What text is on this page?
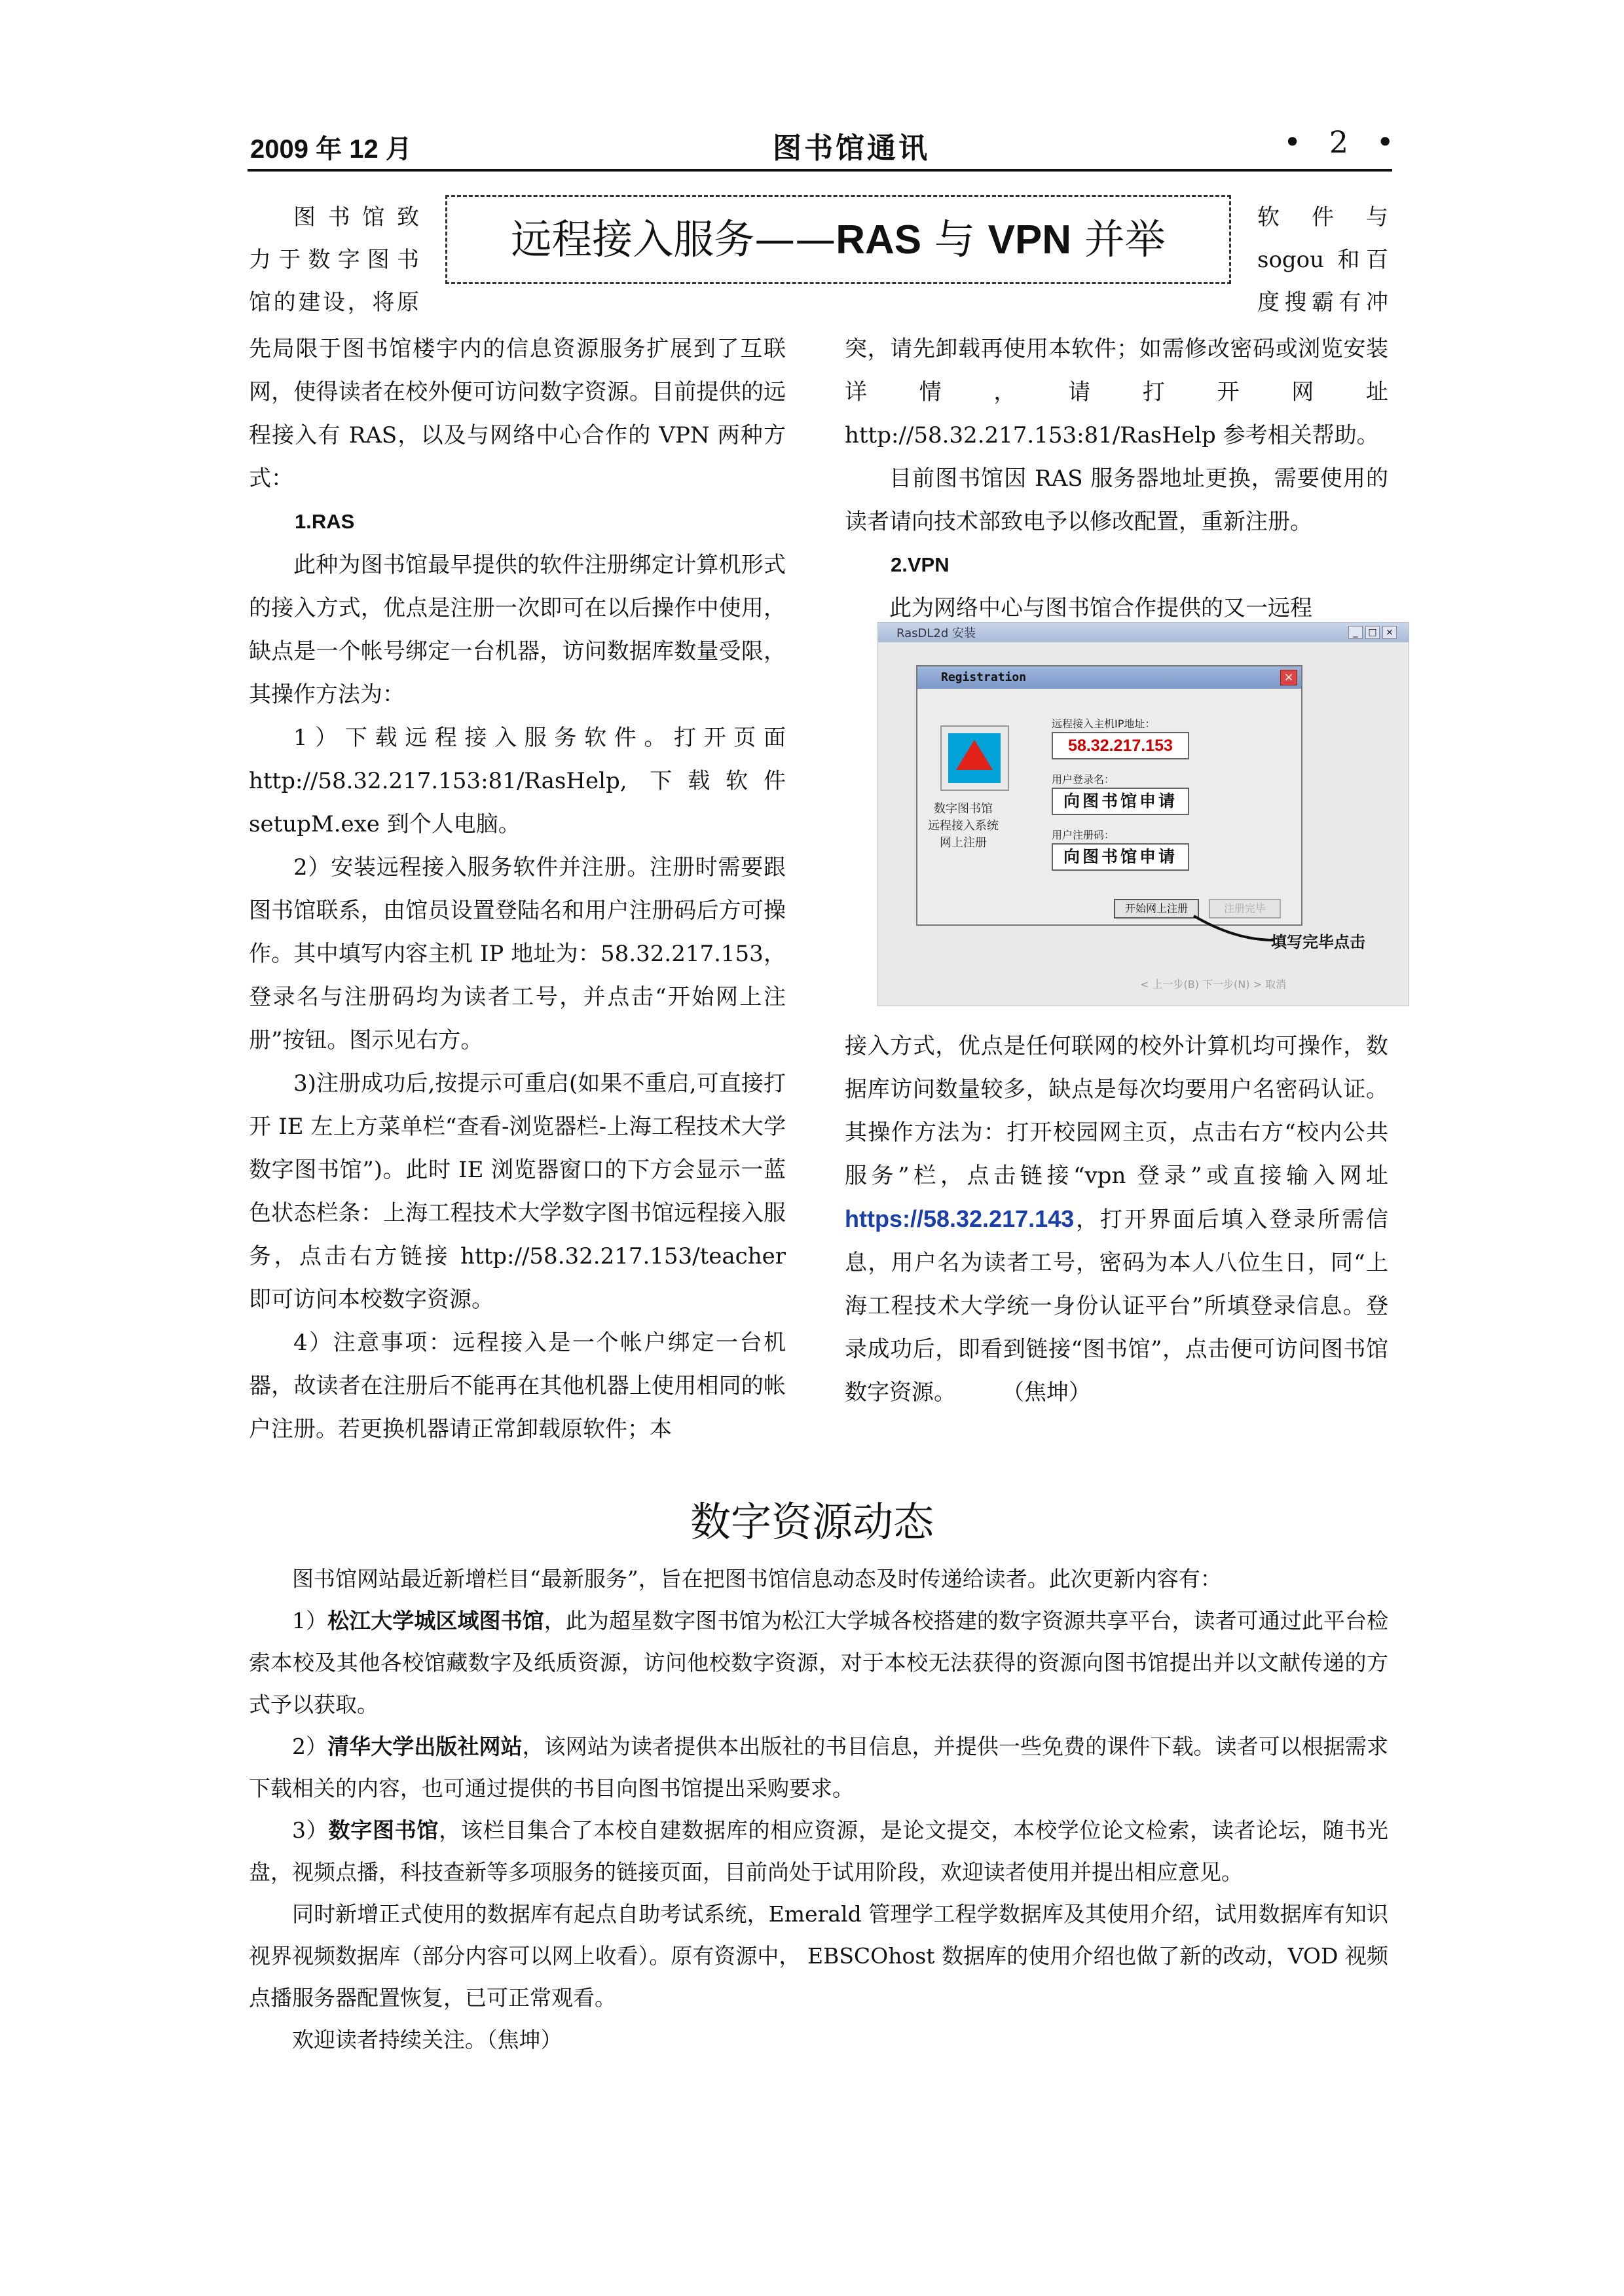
2009 年 12 月	图书馆通讯	• 2 •
远程接入服务——RAS 与 VPN 并举
图书馆致
力于数字图书
馆的建设，将原
软件与
sogou 和百
度搜霸有冲

先局限于图书馆楼宇内的信息资源服务扩展到了互联网，使得读者在校外便可访问数字资源。目前提供的远程接入有 RAS，以及与网络中心合作的 VPN 两种方式：

1.RAS

此种为图书馆最早提供的软件注册绑定计算机形式的接入方式，优点是注册一次即可在以后操作中使用，缺点是一个帐号绑定一台机器，访问数据库数量受限，其操作方法为：

1）下载远程接入服务软件。打开页面 http://58.32.217.153:81/RasHelp, 下载软件 setupM.exe 到个人电脑。

2）安装远程接入服务软件并注册。注册时需要跟图书馆联系，由馆员设置登陆名和用户注册码后方可操作。其中填写内容主机 IP 地址为：58.32.217.153，登录名与注册码均为读者工号，并点击“开始网上注册”按钮。图示见右方。

3)注册成功后,按提示可重启(如果不重启,可直接打开 IE 左上方菜单栏“查看-浏览器栏-上海工程技术大学数字图书馆”)。此时 IE 浏览器窗口的下方会显示一蓝色状态栏条：上海工程技术大学数字图书馆远程接入服务，点击右方链接 http://58.32.217.153/teacher 即可访问本校数字资源。

4）注意事项：远程接入是一个帐户绑定一台机器，故读者在注册后不能再在其他机器上使用相同的帐户注册。若更换机器请正常卸载原软件；本

突，请先卸载再使用本软件；如需修改密码或浏览安装详情，请打开网址 http://58.32.217.153:81/RasHelp 参考相关帮助。

目前图书馆因 RAS 服务器地址更换，需要使用的读者请向技术部致电予以修改配置，重新注册。

2.VPN

此为网络中心与图书馆合作提供的又一远程

RasDL2d 安装	_	□ ×
Registration	×
数字图书馆
远程接入系统
网上注册
远程接入主机IP地址：
58.32.217.153
用户登录名：
向图书馆申请
用户注册码：
向图书馆申请
开始网上注册	注册完毕
填写完毕点击
< 上一步(B) 下一步(N) > 取消

接入方式，优点是任何联网的校外计算机均可操作，数据库访问数量较多，缺点是每次均要用户名密码认证。其操作方法为：打开校园网主页，点击右方“校内公共服务”栏，点击链接“vpn 登录”或直接输入网址 https://58.32.217.143，打开界面后填入登录所需信息，用户名为读者工号，密码为本人八位生日，同“上海工程技术大学统一身份认证平台”所填登录信息。登录成功后，即看到链接“图书馆”，点击便可访问图书馆数字资源。 （焦坤）

数字资源动态

图书馆网站最近新增栏目“最新服务”，旨在把图书馆信息动态及时传递给读者。此次更新内容有：

1）松江大学城区域图书馆，此为超星数字图书馆为松江大学城各校搭建的数字资源共享平台，读者可通过此平台检索本校及其他各校馆藏数字及纸质资源，访问他校数字资源，对于本校无法获得的资源向图书馆提出并以文献传递的方式予以获取。

2）清华大学出版社网站，该网站为读者提供本出版社的书目信息，并提供一些免费的课件下载。读者可以根据需求下载相关的内容，也可通过提供的书目向图书馆提出采购要求。

3）数字图书馆，该栏目集合了本校自建数据库的相应资源，是论文提交，本校学位论文检索，读者论坛，随书光盘，视频点播，科技查新等多项服务的链接页面，目前尚处于试用阶段，欢迎读者使用并提出相应意见。

同时新增正式使用的数据库有起点自助考试系统，Emerald 管理学工程学数据库及其使用介绍，试用数据库有知识视界视频数据库（部分内容可以网上收看）。原有资源中， EBSCOhost 数据库的使用介绍也做了新的改动，VOD 视频点播服务器配置恢复，已可正常观看。

欢迎读者持续关注。（焦坤）
